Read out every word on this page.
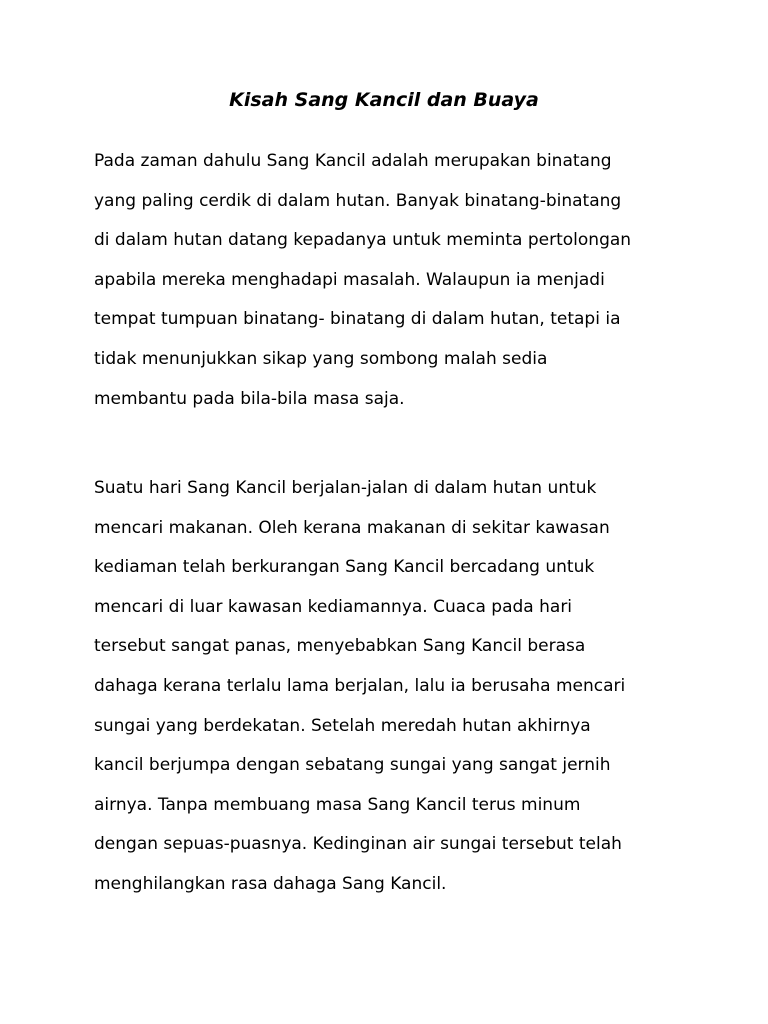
Kisah Sang Kancil dan Buaya

Pada zaman dahulu Sang Kancil adalah merupakan binatang
yang paling cerdik di dalam hutan. Banyak binatang-binatang
di dalam hutan datang kepadanya untuk meminta pertolongan
apabila mereka menghadapi masalah. Walaupun ia menjadi
tempat tumpuan binatang- binatang di dalam hutan, tetapi ia
tidak menunjukkan sikap yang sombong malah sedia
membantu pada bila-bila masa saja.

Suatu hari Sang Kancil berjalan-jalan di dalam hutan untuk
mencari makanan. Oleh kerana makanan di sekitar kawasan
kediaman telah berkurangan Sang Kancil bercadang untuk
mencari di luar kawasan kediamannya. Cuaca pada hari
tersebut sangat panas, menyebabkan Sang Kancil berasa
dahaga kerana terlalu lama berjalan, lalu ia berusaha mencari
sungai yang berdekatan. Setelah meredah hutan akhirnya
kancil berjumpa dengan sebatang sungai yang sangat jernih
airnya. Tanpa membuang masa Sang Kancil terus minum
dengan sepuas-puasnya. Kedinginan air sungai tersebut telah
menghilangkan rasa dahaga Sang Kancil.
